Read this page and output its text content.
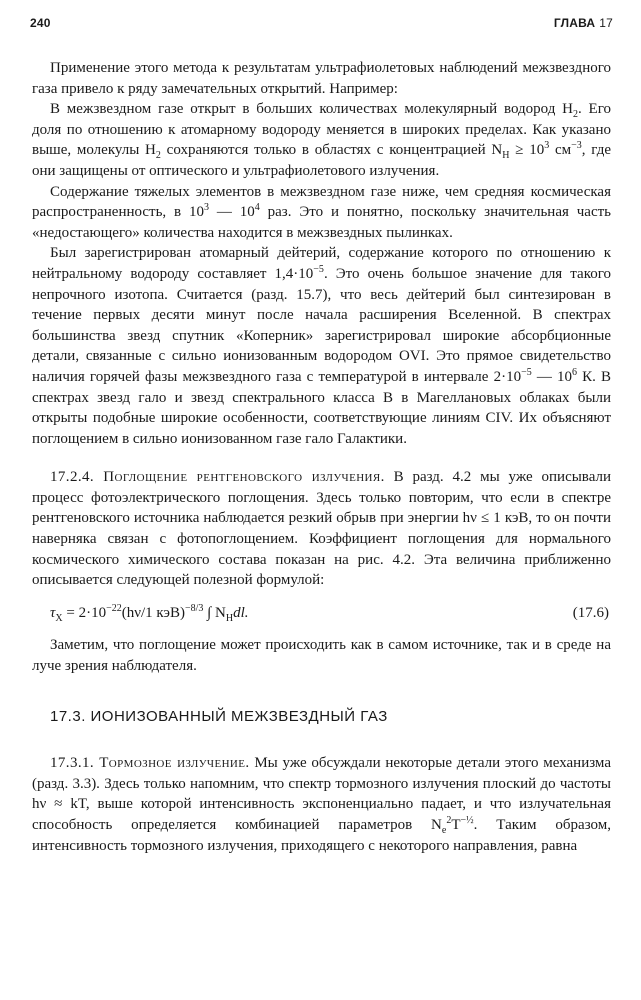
240	ГЛАВА 17

Применение этого метода к результатам ультрафиолетовых наблюдений межзвездного газа привело к ряду замечательных открытий. Например:

В межзвездном газе открыт в больших количествах молекулярный водород $H_2$. Его доля по отношению к атомарному водороду меняется в широких пределах. Как указано выше, молекулы $H_2$ сохраняются только в областях с концентрацией $N_H \ge 10^3$ $см^{-3}$, где они защищены от оптического и ультрафиолетового излучения.

Содержание тяжелых элементов в межзвездном газе ниже, чем средняя космическая распространенность, в $10^3$ — $10^4$ раз. Это и понятно, поскольку значительная часть «недостающего» количества находится в межзвездных пылинках.

Был зарегистрирован атомарный дейтерий, содержание которого по отношению к нейтральному водороду составляет $1,4\cdot 10^{-5}$. Это очень большое значение для такого непрочного изотопа. Считается (разд. 15.7), что весь дейтерий был синтезирован в течение первых десяти минут после начала расширения Вселенной. В спектрах большинства звезд спутник «Коперник» зарегистрировал широкие абсорбционные детали, связанные с сильно ионизованным водородом OVI. Это прямое свидетельство наличия горячей фазы межзвездного газа с температурой в интервале $2\cdot 10^{-5}$ — $10^6$ К. В спектрах звезд гало и звезд спектрального класса B в Магеллановых облаках были открыты подобные широкие особенности, соответствующие линиям CIV. Их объясняют поглощением в сильно ионизованном газе гало Галактики.

17.2.4. Поглощение рентгеновского излучения. В разд. 4.2 мы уже описывали процесс фотоэлектрического поглощения. Здесь только повторим, что если в спектре рентгеновского источника наблюдается резкий обрыв при энергии hν ≤ 1 кэВ, то он почти наверняка связан с фотопоглощением. Коэффициент поглощения для нормального космического химического состава показан на рис. 4.2. Эта величина приближенно описывается следующей полезной формулой:

$\tau_X = 2\cdot 10^{-22}(h\nu/1$ кэВ)$^{-8/3}$ ∫ $N_Hdl$.	(17.6)

Заметим, что поглощение может происходить как в самом источнике, так и в среде на луче зрения наблюдателя.

17.3. ИОНИЗОВАННЫЙ МЕЖЗВЕЗДНЫЙ ГАЗ

17.3.1. Тормозное излучение. Мы уже обсуждали некоторые детали этого механизма (разд. 3.3). Здесь только напомним, что спектр тормозного излучения плоский до частоты hν ≈ kT, выше которой интенсивность экспоненциально падает, и что излучательная способность определяется комбинацией параметров $N_e^2T^{-\frac{1}{2}}$. Таким образом, интенсивность тормозного излучения, приходящего с некоторого направления, равна
